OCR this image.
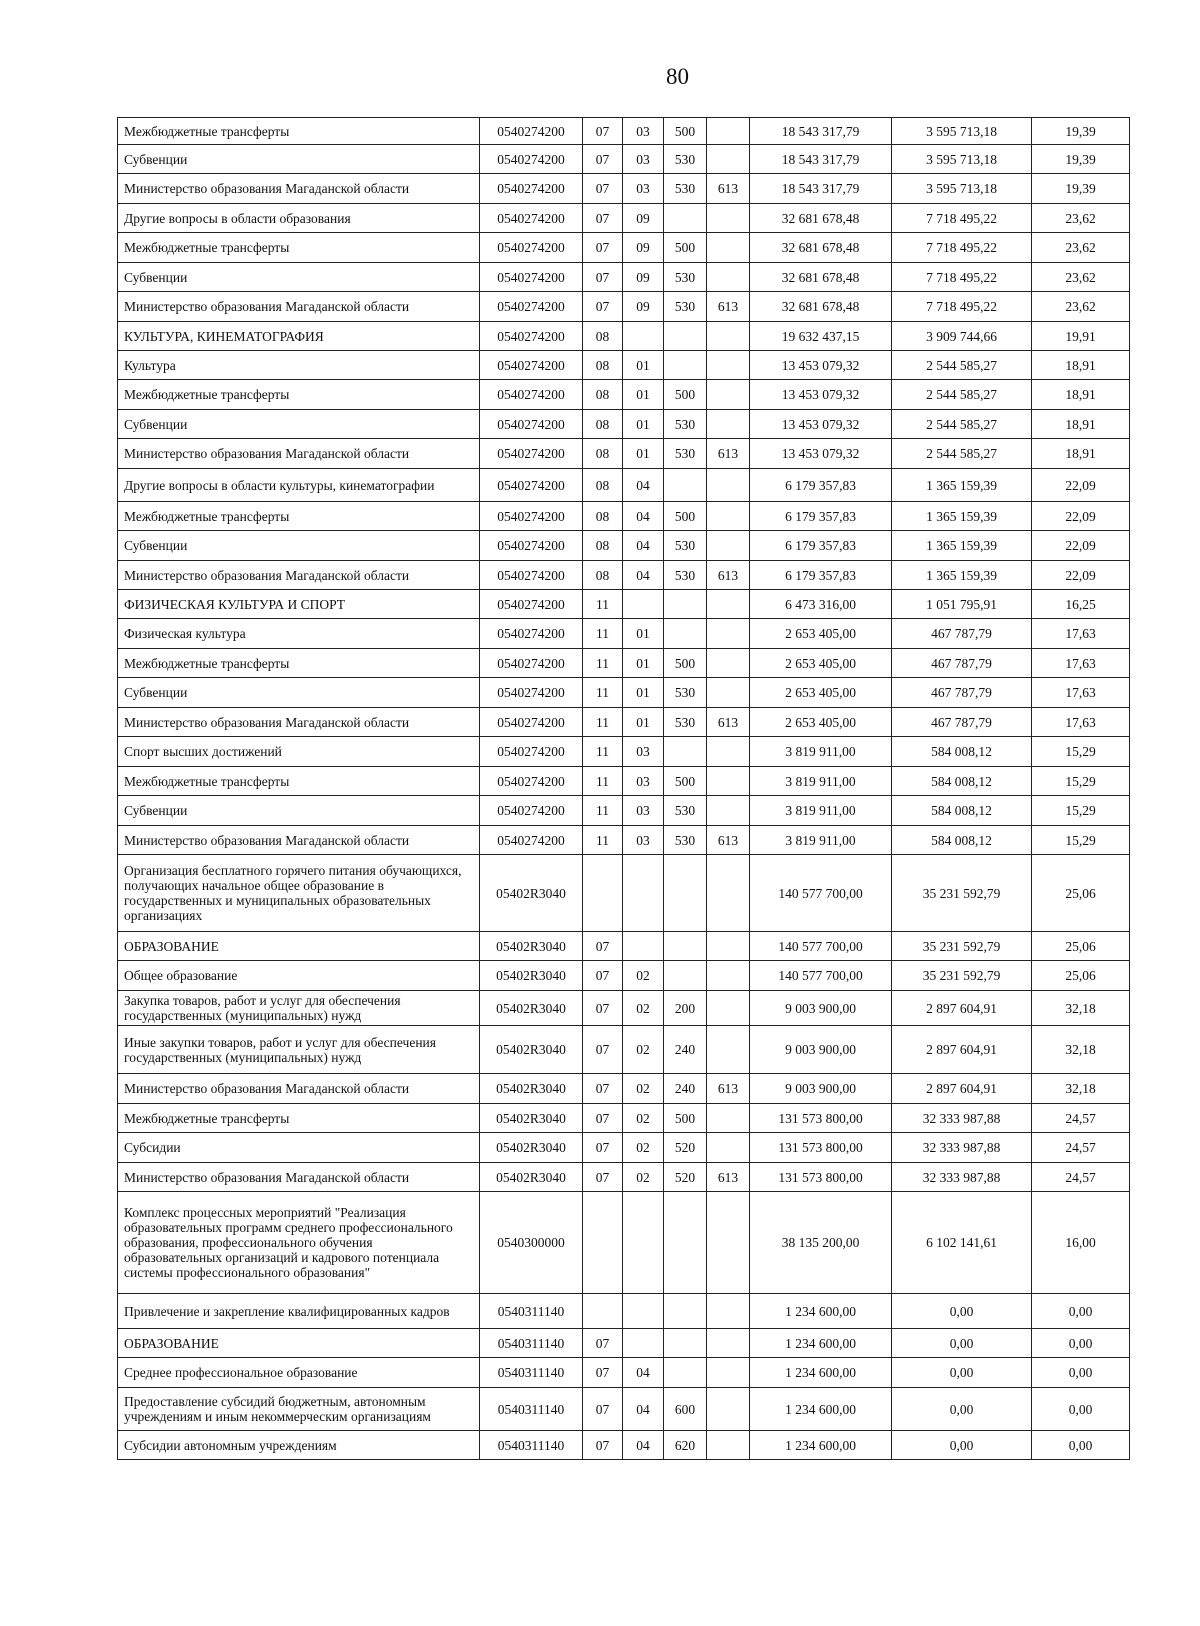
80
Межбюджетные трансферты	0540274200	07	03	500		18 543 317,79	3 595 713,18	19,39
Субвенции	0540274200	07	03	530		18 543 317,79	3 595 713,18	19,39
Министерство образования Магаданской области	0540274200	07	03	530	613	18 543 317,79	3 595 713,18	19,39
Другие вопросы в области образования	0540274200	07	09			32 681 678,48	7 718 495,22	23,62
Межбюджетные трансферты	0540274200	07	09	500		32 681 678,48	7 718 495,22	23,62
Субвенции	0540274200	07	09	530		32 681 678,48	7 718 495,22	23,62
Министерство образования Магаданской области	0540274200	07	09	530	613	32 681 678,48	7 718 495,22	23,62
КУЛЬТУРА, КИНЕМАТОГРАФИЯ	0540274200	08				19 632 437,15	3 909 744,66	19,91
Культура	0540274200	08	01			13 453 079,32	2 544 585,27	18,91
Межбюджетные трансферты	0540274200	08	01	500		13 453 079,32	2 544 585,27	18,91
Субвенции	0540274200	08	01	530		13 453 079,32	2 544 585,27	18,91
Министерство образования Магаданской области	0540274200	08	01	530	613	13 453 079,32	2 544 585,27	18,91
Другие вопросы в области культуры, кинематографии	0540274200	08	04			6 179 357,83	1 365 159,39	22,09
Межбюджетные трансферты	0540274200	08	04	500		6 179 357,83	1 365 159,39	22,09
Субвенции	0540274200	08	04	530		6 179 357,83	1 365 159,39	22,09
Министерство образования Магаданской области	0540274200	08	04	530	613	6 179 357,83	1 365 159,39	22,09
ФИЗИЧЕСКАЯ КУЛЬТУРА И СПОРТ	0540274200	11				6 473 316,00	1 051 795,91	16,25
Физическая культура	0540274200	11	01			2 653 405,00	467 787,79	17,63
Межбюджетные трансферты	0540274200	11	01	500		2 653 405,00	467 787,79	17,63
Субвенции	0540274200	11	01	530		2 653 405,00	467 787,79	17,63
Министерство образования Магаданской области	0540274200	11	01	530	613	2 653 405,00	467 787,79	17,63
Спорт высших достижений	0540274200	11	03			3 819 911,00	584 008,12	15,29
Межбюджетные трансферты	0540274200	11	03	500		3 819 911,00	584 008,12	15,29
Субвенции	0540274200	11	03	530		3 819 911,00	584 008,12	15,29
Министерство образования Магаданской области	0540274200	11	03	530	613	3 819 911,00	584 008,12	15,29
Организация бесплатного горячего питания обучающихся, получающих начальное общее образование в государственных и муниципальных образовательных организациях	05402R3040					140 577 700,00	35 231 592,79	25,06
ОБРАЗОВАНИЕ	05402R3040	07				140 577 700,00	35 231 592,79	25,06
Общее образование	05402R3040	07	02			140 577 700,00	35 231 592,79	25,06
Закупка товаров, работ и услуг для обеспечения государственных (муниципальных) нужд	05402R3040	07	02	200		9 003 900,00	2 897 604,91	32,18
Иные закупки товаров, работ и услуг для обеспечения государственных (муниципальных) нужд	05402R3040	07	02	240		9 003 900,00	2 897 604,91	32,18
Министерство образования Магаданской области	05402R3040	07	02	240	613	9 003 900,00	2 897 604,91	32,18
Межбюджетные трансферты	05402R3040	07	02	500		131 573 800,00	32 333 987,88	24,57
Субсидии	05402R3040	07	02	520		131 573 800,00	32 333 987,88	24,57
Министерство образования Магаданской области	05402R3040	07	02	520	613	131 573 800,00	32 333 987,88	24,57
Комплекс процессных мероприятий "Реализация образовательных программ среднего профессионального образования, профессионального обучения образовательных организаций и кадрового потенциала системы профессионального образования"	0540300000					38 135 200,00	6 102 141,61	16,00
Привлечение и закрепление квалифицированных кадров	0540311140					1 234 600,00	0,00	0,00
ОБРАЗОВАНИЕ	0540311140	07				1 234 600,00	0,00	0,00
Среднее профессиональное образование	0540311140	07	04			1 234 600,00	0,00	0,00
Предоставление субсидий бюджетным, автономным учреждениям и иным некоммерческим организациям	0540311140	07	04	600		1 234 600,00	0,00	0,00
Субсидии автономным учреждениям	0540311140	07	04	620		1 234 600,00	0,00	0,00
